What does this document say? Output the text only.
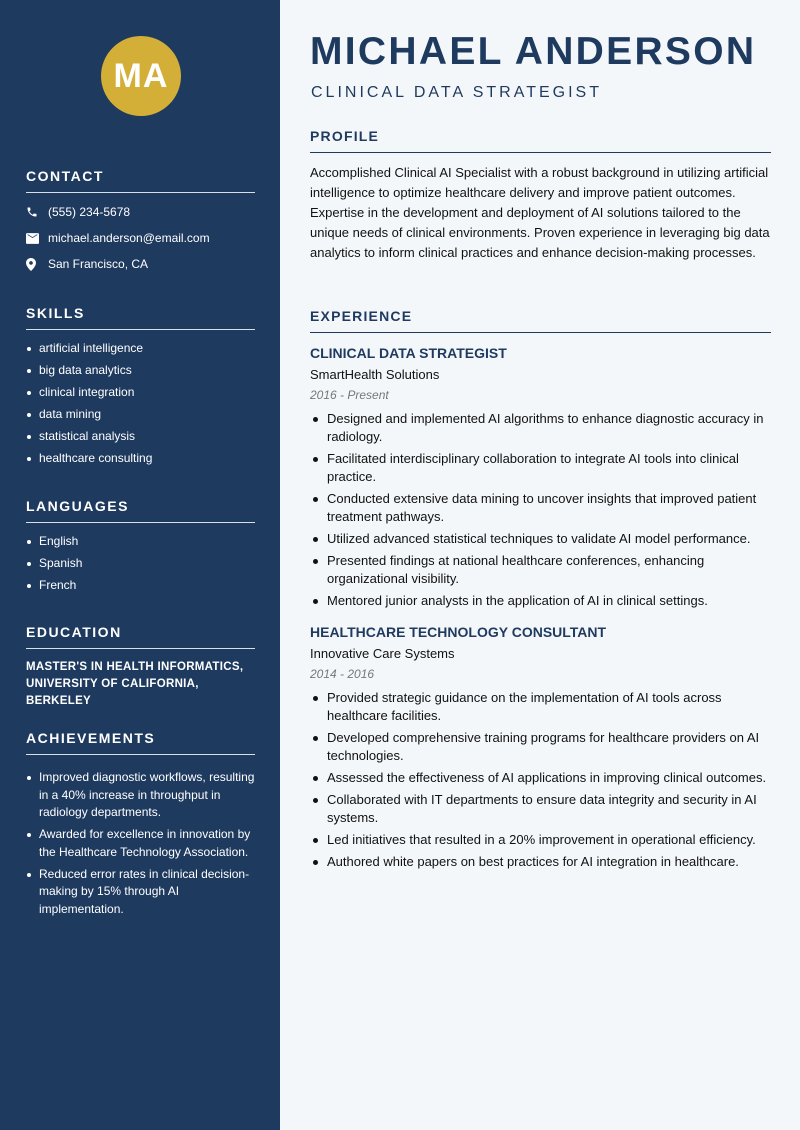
MA
CONTACT
(555) 234-5678
michael.anderson@email.com
San Francisco, CA
SKILLS
artificial intelligence
big data analytics
clinical integration
data mining
statistical analysis
healthcare consulting
LANGUAGES
English
Spanish
French
EDUCATION
MASTER'S IN HEALTH INFORMATICS, UNIVERSITY OF CALIFORNIA, BERKELEY
ACHIEVEMENTS
Improved diagnostic workflows, resulting in a 40% increase in throughput in radiology departments.
Awarded for excellence in innovation by the Healthcare Technology Association.
Reduced error rates in clinical decision-making by 15% through AI implementation.
MICHAEL ANDERSON
CLINICAL DATA STRATEGIST
PROFILE
Accomplished Clinical AI Specialist with a robust background in utilizing artificial intelligence to optimize healthcare delivery and improve patient outcomes. Expertise in the development and deployment of AI solutions tailored to the unique needs of clinical environments. Proven experience in leveraging big data analytics to inform clinical practices and enhance decision-making processes.
EXPERIENCE
CLINICAL DATA STRATEGIST
SmartHealth Solutions
2016 - Present
Designed and implemented AI algorithms to enhance diagnostic accuracy in radiology.
Facilitated interdisciplinary collaboration to integrate AI tools into clinical practice.
Conducted extensive data mining to uncover insights that improved patient treatment pathways.
Utilized advanced statistical techniques to validate AI model performance.
Presented findings at national healthcare conferences, enhancing organizational visibility.
Mentored junior analysts in the application of AI in clinical settings.
HEALTHCARE TECHNOLOGY CONSULTANT
Innovative Care Systems
2014 - 2016
Provided strategic guidance on the implementation of AI tools across healthcare facilities.
Developed comprehensive training programs for healthcare providers on AI technologies.
Assessed the effectiveness of AI applications in improving clinical outcomes.
Collaborated with IT departments to ensure data integrity and security in AI systems.
Led initiatives that resulted in a 20% improvement in operational efficiency.
Authored white papers on best practices for AI integration in healthcare.
